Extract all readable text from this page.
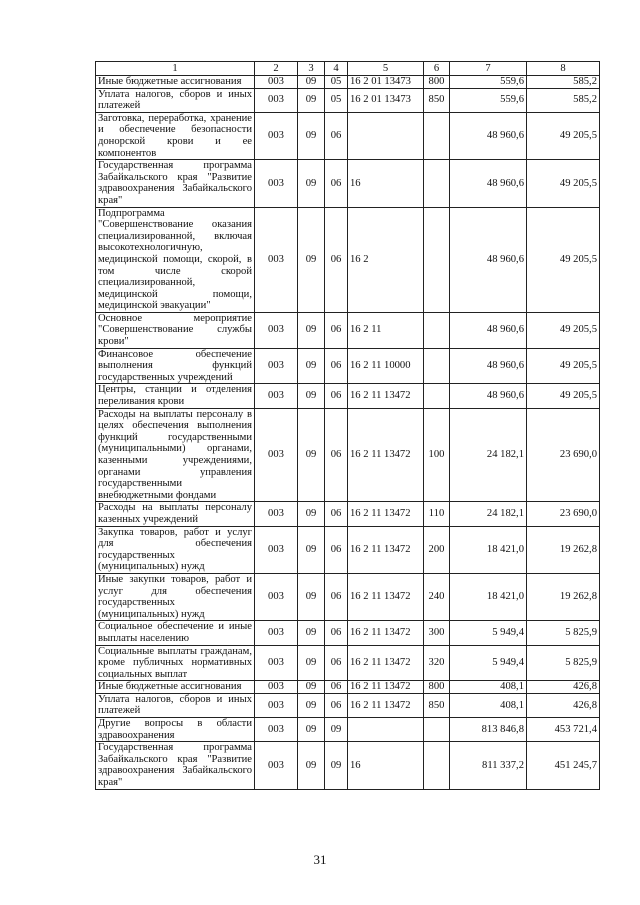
1	2	3	4	5	6	7	8
Иные бюджетные ассигнования	003	09	05	16 2 01 13473	800	559,6	585,2
Уплата налогов, сборов и иных платежей	003	09	05	16 2 01 13473	850	559,6	585,2
Заготовка, переработка, хранение и обеспечение безопасности донорской крови и ее компонентов	003	09	06			48 960,6	49 205,5
Государственная программа Забайкальского края "Развитие здравоохранения Забайкальского края"	003	09	06	16		48 960,6	49 205,5
Подпрограмма "Совершенствование оказания специализированной, включая высокотехнологичную, медицинской помощи, скорой, в том числе скорой специализированной, медицинской помощи, медицинской эвакуации"	003	09	06	16 2		48 960,6	49 205,5
Основное мероприятие "Совершенствование службы крови"	003	09	06	16 2 11		48 960,6	49 205,5
Финансовое обеспечение выполнения функций государственных учреждений	003	09	06	16 2 11 10000		48 960,6	49 205,5
Центры, станции и отделения переливания крови	003	09	06	16 2 11 13472		48 960,6	49 205,5
Расходы на выплаты персоналу в целях обеспечения выполнения функций государственными (муниципальными) органами, казенными учреждениями, органами управления государственными внебюджетными фондами	003	09	06	16 2 11 13472	100	24 182,1	23 690,0
Расходы на выплаты персоналу казенных учреждений	003	09	06	16 2 11 13472	110	24 182,1	23 690,0
Закупка товаров, работ и услуг для обеспечения государственных (муниципальных) нужд	003	09	06	16 2 11 13472	200	18 421,0	19 262,8
Иные закупки товаров, работ и услуг для обеспечения государственных (муниципальных) нужд	003	09	06	16 2 11 13472	240	18 421,0	19 262,8
Социальное обеспечение и иные выплаты населению	003	09	06	16 2 11 13472	300	5 949,4	5 825,9
Социальные выплаты гражданам, кроме публичных нормативных социальных выплат	003	09	06	16 2 11 13472	320	5 949,4	5 825,9
Иные бюджетные ассигнования	003	09	06	16 2 11 13472	800	408,1	426,8
Уплата налогов, сборов и иных платежей	003	09	06	16 2 11 13472	850	408,1	426,8
Другие вопросы в области здравоохранения	003	09	09			813 846,8	453 721,4
Государственная программа Забайкальского края "Развитие здравоохранения Забайкальского края"	003	09	09	16		811 337,2	451 245,7
31
